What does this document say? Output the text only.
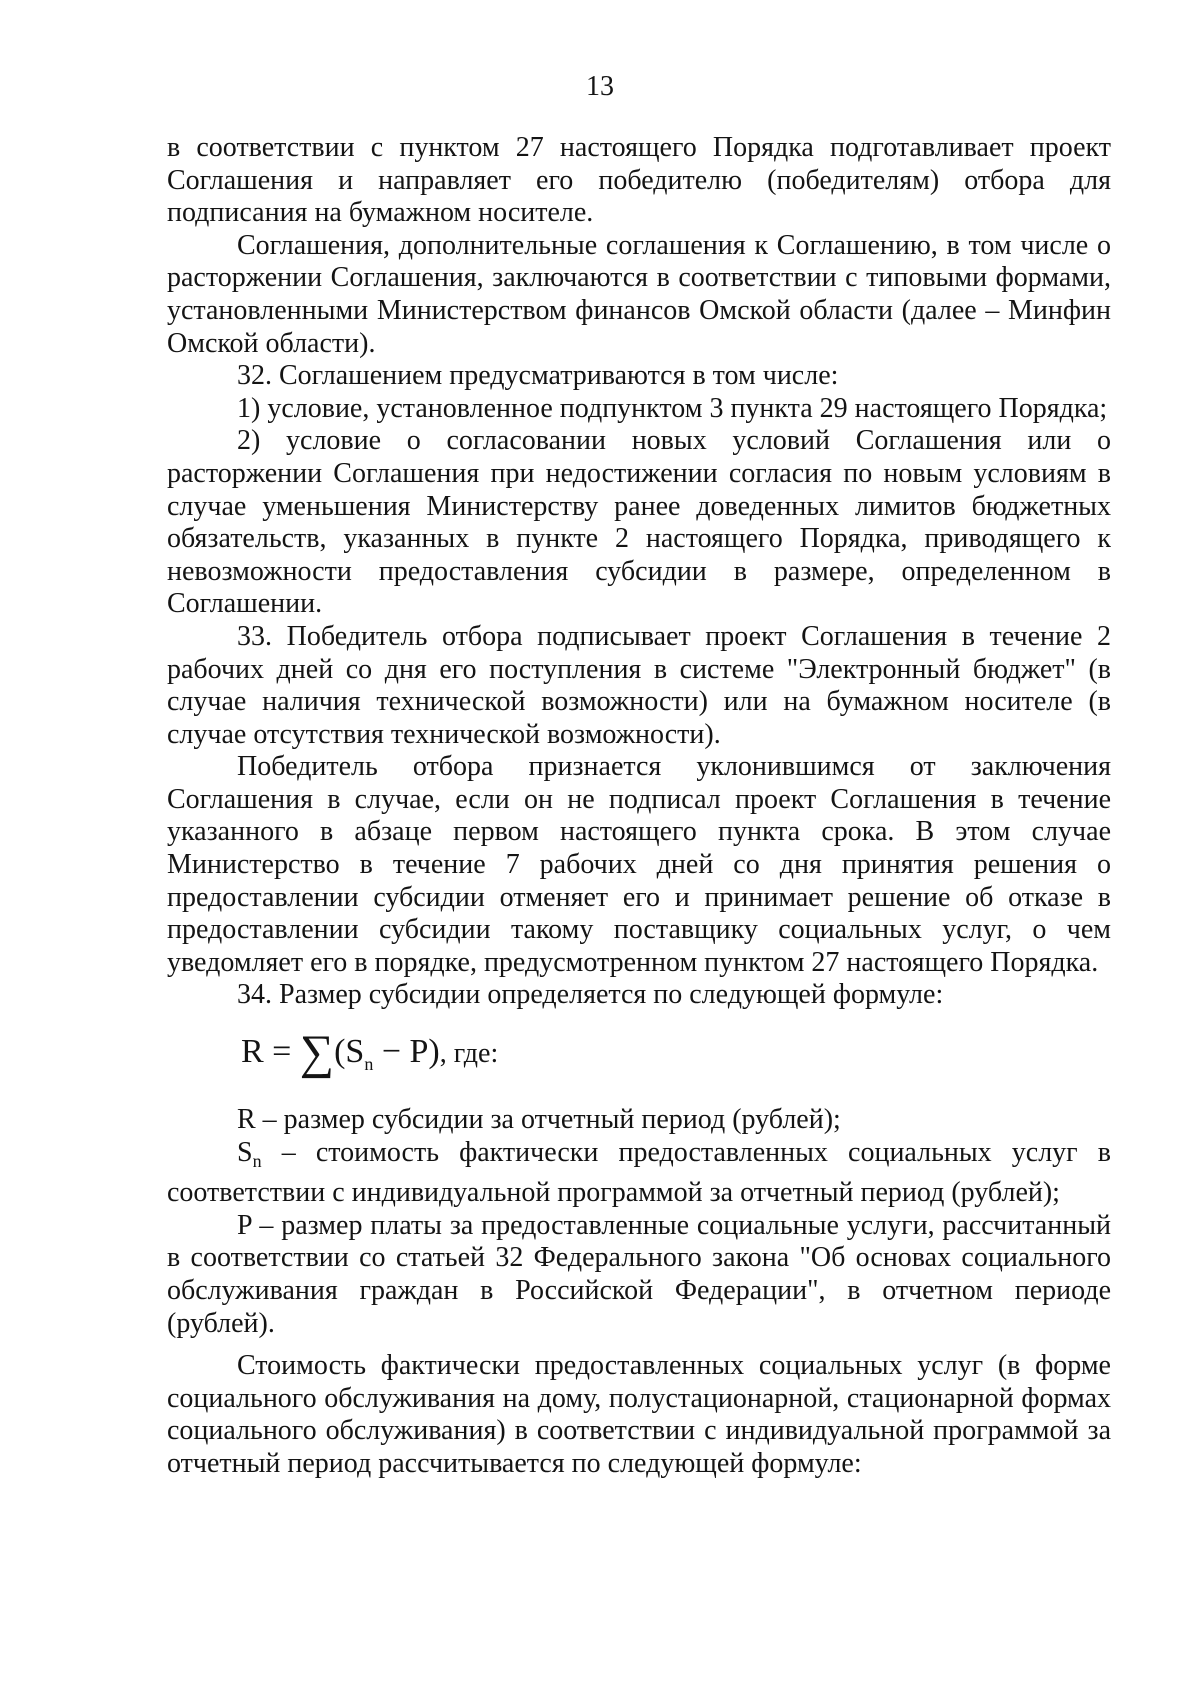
13

в соответствии с пунктом 27 настоящего Порядка подготавливает проект Соглашения и направляет его победителю (победителям) отбора для подписания на бумажном носителе.

Соглашения, дополнительные соглашения к Соглашению, в том числе о расторжении Соглашения, заключаются в соответствии с типовыми формами, установленными Министерством финансов Омской области (далее – Минфин Омской области).

32. Соглашением предусматриваются в том числе:

1) условие, установленное подпунктом 3 пункта 29 настоящего Порядка;

2) условие о согласовании новых условий Соглашения или о расторжении Соглашения при недостижении согласия по новым условиям в случае уменьшения Министерству ранее доведенных лимитов бюджетных обязательств, указанных в пункте 2 настоящего Порядка, приводящего к невозможности предоставления субсидии в размере, определенном в Соглашении.

33. Победитель отбора подписывает проект Соглашения в течение 2 рабочих дней со дня его поступления в системе "Электронный бюджет" (в случае наличия технической возможности) или на бумажном носителе (в случае отсутствия технической возможности).

Победитель отбора признается уклонившимся от заключения Соглашения в случае, если он не подписал проект Соглашения в течение указанного в абзаце первом настоящего пункта срока. В этом случае Министерство в течение 7 рабочих дней со дня принятия решения о предоставлении субсидии отменяет его и принимает решение об отказе в предоставлении субсидии такому поставщику социальных услуг, о чем уведомляет его в порядке, предусмотренном пунктом 27 настоящего Порядка.

34. Размер субсидии определяется по следующей формуле:

$R = \sum(S_n - P)$, где:

R – размер субсидии за отчетный период (рублей);

$S_n$ – стоимость фактически предоставленных социальных услуг в соответствии с индивидуальной программой за отчетный период (рублей);

P – размер платы за предоставленные социальные услуги, рассчитанный в соответствии со статьей 32 Федерального закона "Об основах социального обслуживания граждан в Российской Федерации", в отчетном периоде (рублей).

Стоимость фактически предоставленных социальных услуг (в форме социального обслуживания на дому, полустационарной, стационарной формах социального обслуживания) в соответствии с индивидуальной программой за отчетный период рассчитывается по следующей формуле:
